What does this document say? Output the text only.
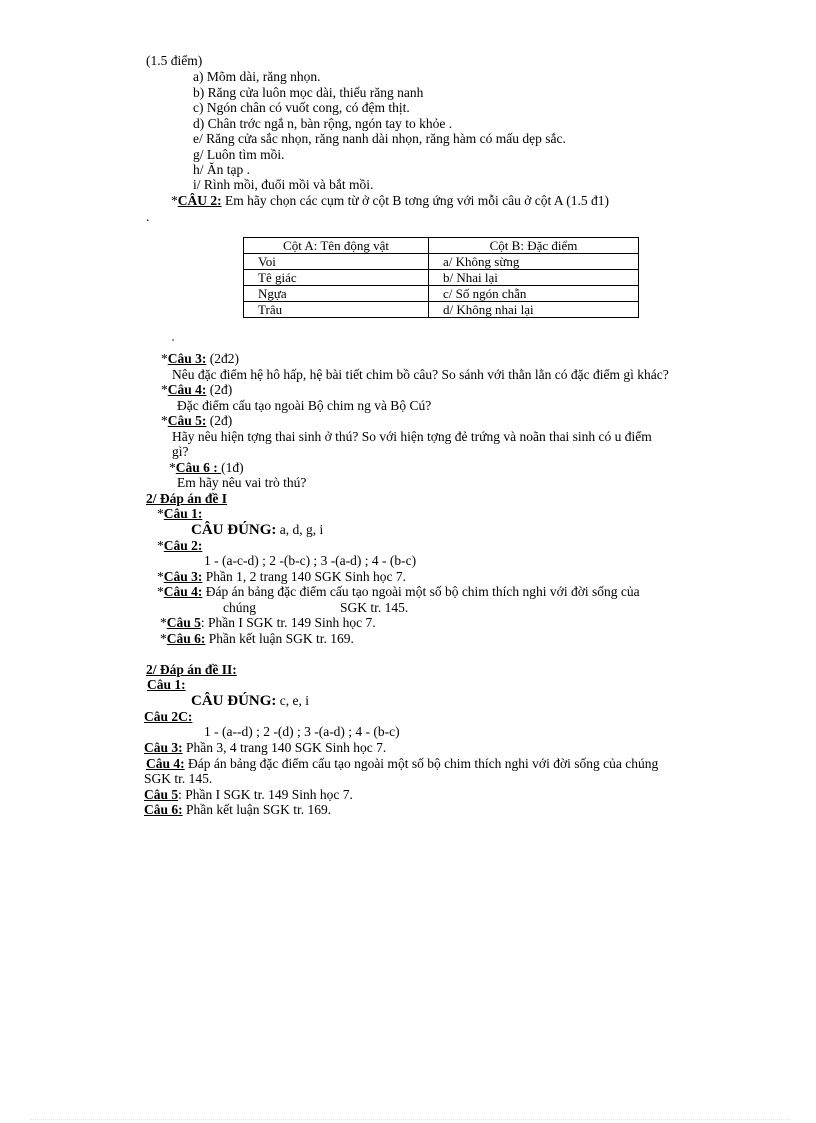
(1.5 điểm)
a) Mõm dài, răng nhọn.
b) Răng cửa luôn mọc dài, thiếu răng nanh
c) Ngón chân có vuốt cong, có đệm thịt.
d) Chân trớc ngắ n, bàn rộng, ngón tay to khỏe .
e/ Răng cửa sắc nhọn, răng nanh dài nhọn, răng hàm có mấu dẹp sắc.
g/ Luôn tìm mồi.
h/ Ăn tạp .
i/ Rình mồi, đuổi mồi và bắt mồi.
*CÂU 2: Em hãy chọn các cụm từ ở cột B tơng ứng với mỗi câu ở cột A (1.5 đ1)
.
Cột A: Tên động vật	Cột B: Đặc điểm
Voi	a/ Không sừng
Tê giác	b/ Nhai lại
Ngựa	c/ Số ngón chẵn
Trâu	d/ Không nhai lại
'
*Câu 3: (2đ2)
Nêu đặc điểm hệ hô hấp, hệ bài tiết chim bồ câu? So sánh với thằn lằn có đặc điểm gì khác?
*Câu 4: (2đ)
Đặc điểm cấu tạo ngoài Bộ chim ng và Bộ Cú?
*Câu 5: (2đ)
Hãy nêu hiện tợng thai sinh ở thú? So với hiện tợng đẻ trứng và noãn thai sinh có u điểm
gì?
*Câu 6 : (1đ)
Em hãy nêu vai trò thú?
2/ Đáp án đề I
*Câu 1:
CÂU ĐÚNG: a, d, g, i
*Câu 2:
1 - (a-c-d) ; 2 -(b-c) ; 3 -(a-d) ; 4 - (b-c)
*Câu 3: Phần 1, 2 trang 140 SGK Sinh học 7.
*Câu 4: Đáp án bảng đặc điểm cấu tạo ngoài một số bộ chim thích nghi với đời sống của
chúng	SGK tr. 145.
*Câu 5: Phần I SGK tr. 149 Sinh học 7.
*Câu 6: Phần kết luận SGK tr. 169.
2/ Đáp án đề II:
Câu 1:
CÂU ĐÚNG: c, e, i
Câu 2C:
1 - (a--d) ; 2 -(d) ; 3 -(a-d) ; 4 - (b-c)
Câu 3: Phần 3, 4 trang 140 SGK Sinh học 7.
Câu 4: Đáp án bảng đặc điểm cấu tạo ngoài một số bộ chim thích nghi với đời sống của chúng
SGK tr. 145.
Câu 5: Phần I SGK tr. 149 Sinh học 7.
Câu 6: Phần kết luận SGK tr. 169.
